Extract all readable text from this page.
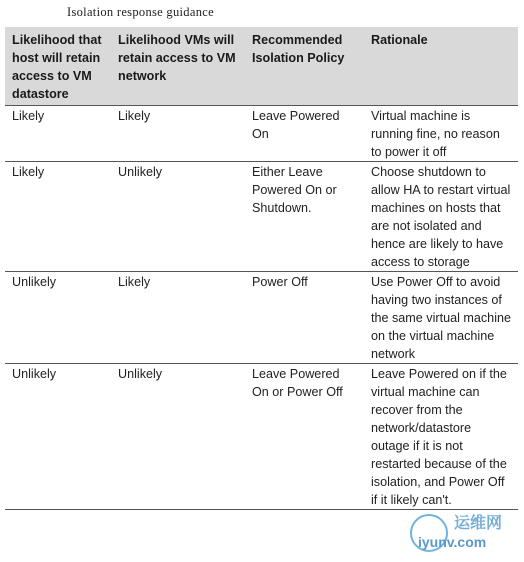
Isolation response guidance
Likelihood that host will retain access to VM datastore	Likelihood VMs will retain access to VM network	Recommended Isolation Policy	Rationale
Likely	Likely	Leave Powered On	Virtual machine is running fine, no reason to power it off
Likely	Unlikely	Either Leave Powered On or Shutdown.	Choose shutdown to allow HA to restart virtual machines on hosts that are not isolated and hence are likely to have access to storage
Unlikely	Likely	Power Off	Use Power Off to avoid having two instances of the same virtual machine on the virtual machine network
Unlikely	Unlikely	Leave Powered On or Power Off	Leave Powered on if the virtual machine can recover from the network/datastore outage if it is not restarted because of the isolation, and Power Off if it likely can't.
运维网
iyunv.com
